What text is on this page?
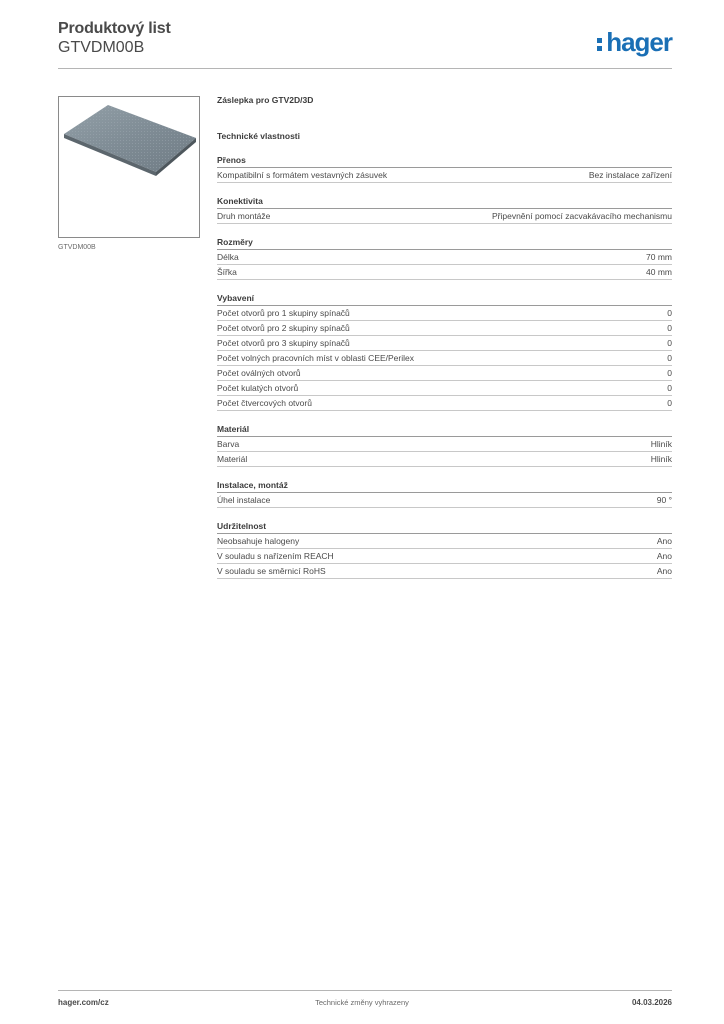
Produktový list
GTVDM00B	hager
GTVDM00B
Záslepka pro GTV2D/3D
Technické vlastnosti
Přenos
Kompatibilní s formátem vestavných zásuvek	Bez instalace zařízení
Konektivita
Druh montáže	Připevnění pomocí zacvakávacího mechanismu
Rozměry
Délka	70 mm
Šířka	40 mm
Vybavení
Počet otvorů pro 1 skupiny spínačů	0
Počet otvorů pro 2 skupiny spínačů	0
Počet otvorů pro 3 skupiny spínačů	0
Počet volných pracovních míst v oblasti CEE/Perilex	0
Počet oválných otvorů	0
Počet kulatých otvorů	0
Počet čtvercových otvorů	0
Materiál
Barva	Hliník
Materiál	Hliník
Instalace, montáž
Úhel instalace	90 °
Udržitelnost
Neobsahuje halogeny	Ano
V souladu s nařízením REACH	Ano
V souladu se směrnicí RoHS	Ano
hager.com/cz	Technické změny vyhrazeny	04.03.2026
